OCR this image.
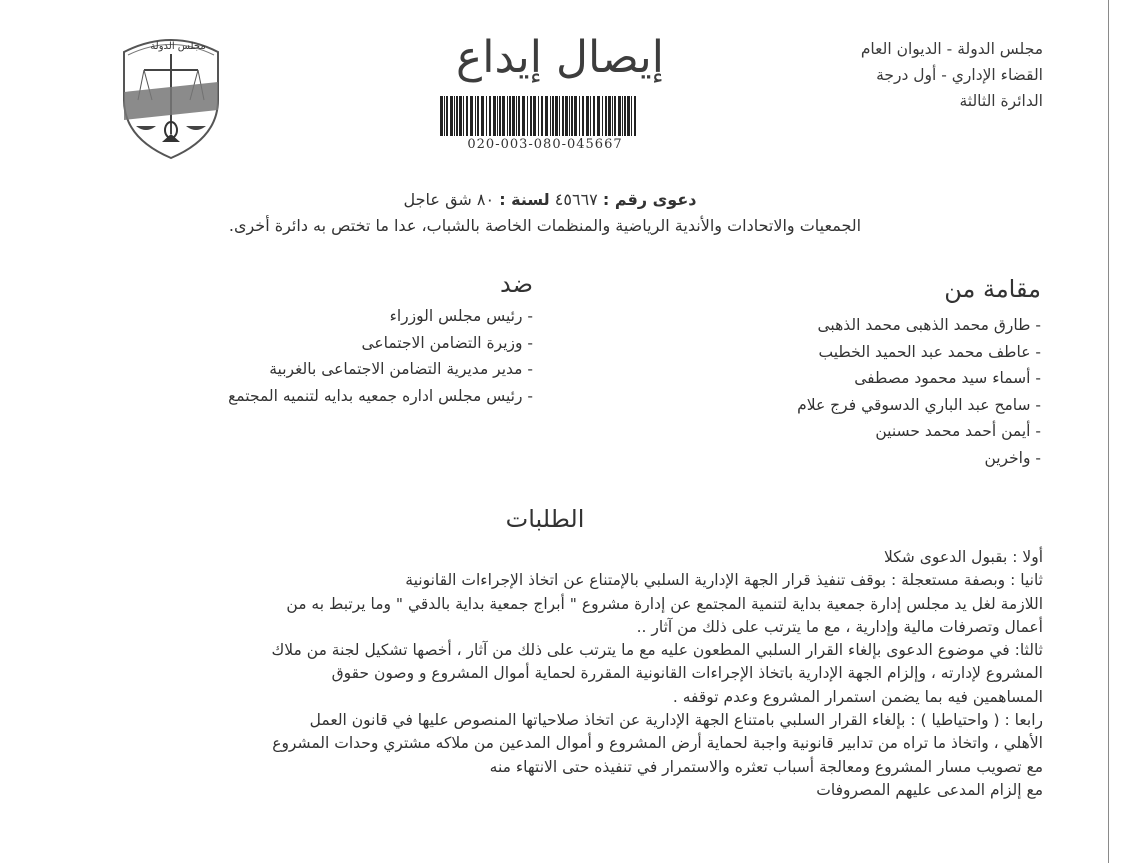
مجلس الدولة - الديوان العام
القضاء الإداري - أول درجة
الدائرة الثالثة
إيصال إيداع
020-003-080-045667
مجلس الدولة
دعوى رقم : ٤٥٦٦٧ لسنة : ٨٠ شق عاجل
الجمعيات والاتحادات والأندية الرياضية والمنظمات الخاصة بالشباب، عدا ما تختص به دائرة أخرى.
مقامة من
- طارق محمد الذهبى محمد الذهبى
- عاطف محمد عبد الحميد الخطيب
- أسماء سيد محمود مصطفى
- سامح عبد الباري الدسوقي فرج علام
- أيمن أحمد محمد حسنين
- واخرين
ضد
- رئيس مجلس الوزراء
- وزيرة التضامن الاجتماعى
- مدير مديرية التضامن الاجتماعى بالغربية
- رئيس مجلس اداره جمعيه بدايه لتنميه المجتمع
الطلبات

أولا : بقبول الدعوى شكلا

ثانيا : وبصفة مستعجلة : بوقف تنفيذ قرار الجهة الإدارية السلبي بالإمتناع عن اتخاذ الإجراءات القانونية

اللازمة لغل يد مجلس إدارة جمعية بداية لتنمية المجتمع عن إدارة مشروع " أبراج جمعية بداية بالدقي " وما يرتبط به من

أعمال وتصرفات مالية وإدارية ، مع ما يترتب على ذلك من آثار ..

ثالثا: في موضوع الدعوى بإلغاء القرار السلبي المطعون عليه مع ما يترتب على ذلك من آثار ، أخصها تشكيل لجنة من ملاك

المشروع لإدارته ، وإلزام الجهة الإدارية باتخاذ الإجراءات القانونية المقررة لحماية أموال المشروع و وصون حقوق

المساهمين فيه بما يضمن استمرار المشروع وعدم توقفه .

رابعا : ( واحتياطيا ) : بإلغاء القرار السلبي بامتناع الجهة الإدارية عن اتخاذ صلاحياتها المنصوص عليها في قانون العمل

الأهلي ، واتخاذ ما تراه من تدابير قانونية واجبة لحماية أرض المشروع و أموال المدعين من ملاكه مشتري وحدات المشروع

مع تصويب مسار المشروع ومعالجة أسباب تعثره والاستمرار في تنفيذه حتى الانتهاء منه

مع إلزام المدعى عليهم المصروفات
